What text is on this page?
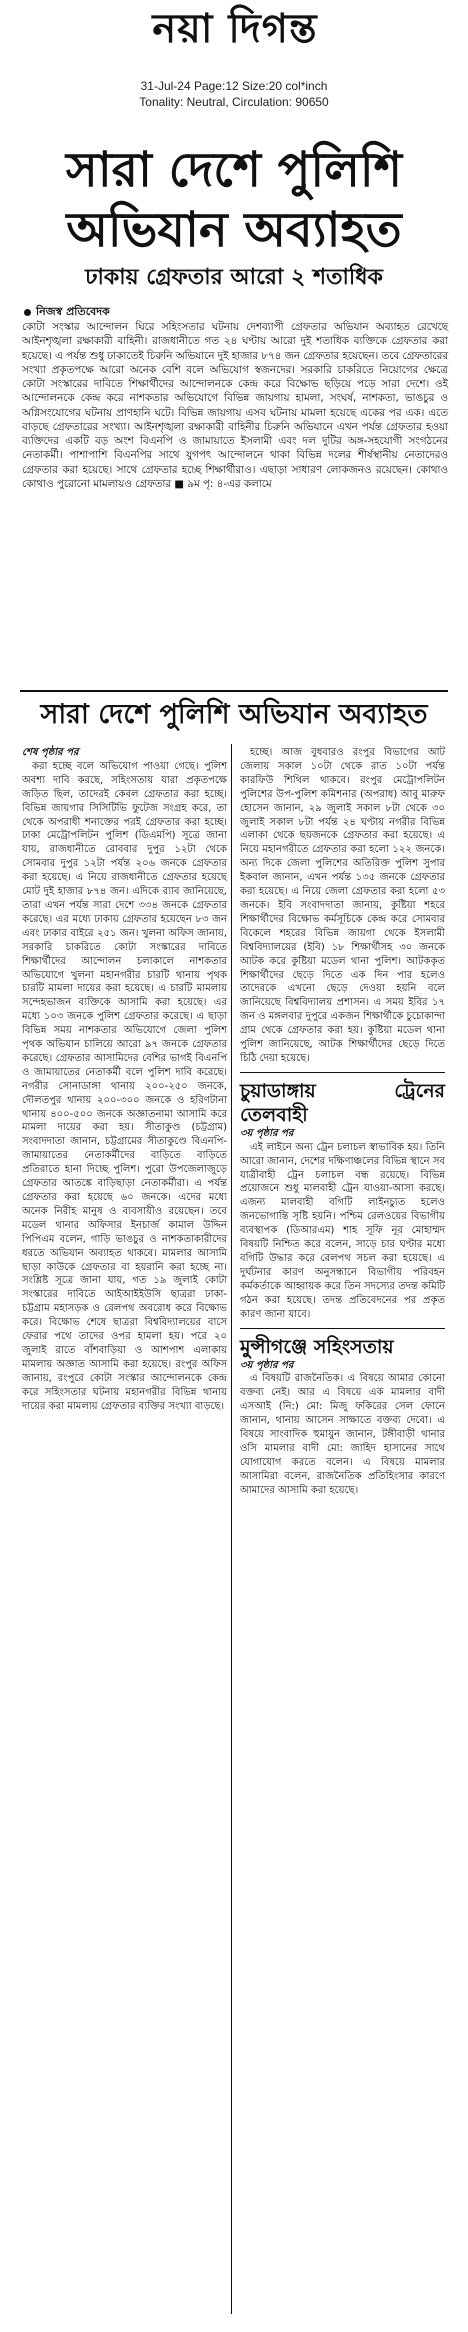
নয়া দিগন্ত
31-Jul-24 Page:12 Size:20 col*inch
Tonality: Neutral, Circulation: 90650
সারা দেশে পুলিশি
অভিযান অব্যাহত
ঢাকায় গ্রেফতার আরো ২ শতাধিক
নিজস্ব প্রতিবেদক
কোটা সংস্কার আন্দোলন ঘিরে সহিংসতার ঘটনায় দেশব্যাপী গ্রেফতার অভিযান অব্যাহত রেখেছে আইনশৃঙ্খলা রক্ষাকারী বাহিনী। রাজধানীতে গত ২৪ ঘণ্টায় আরো দুই শতাধিক ব্যক্তিকে গ্রেফতার করা হয়েছে। এ পর্যন্ত শুধু ঢাকাতেই চিরুনি অভিযানে দুই হাজার ৮৭৪ জন গ্রেফতার হয়েছেন। তবে গ্রেফতারের সংখ্যা প্রকৃতপক্ষে আরো অনেক বেশি বলে অভিযোগ স্বজনদের। সরকারি চাকরিতে নিয়োগের ক্ষেত্রে কোটা সংস্কারের দাবিতে শিক্ষার্থীদের আন্দোলনকে কেন্দ্র করে বিক্ষোভ ছড়িয়ে পড়ে সারা দেশে। ওই আন্দোলনকে কেন্দ্র করে নাশকতার অভিযোগে বিভিন্ন জায়গায় হামলা, সংঘর্ষ, নাশকতা, ভাঙচুর ও অগ্নিসংযোগের ঘটনায় প্রাণহানি ঘটে। বিভিন্ন জায়গায় এসব ঘটনায় মামলা হয়েছে একের পর এক। এতে বাড়ছে গ্রেফতারের সংখ্যা। আইনশৃঙ্খলা রক্ষাকারী বাহিনীর চিরুনি অভিযানে এখন পর্যন্ত গ্রেফতার হওয়া ব্যক্তিদের একটি বড় অংশ বিএনপি ও জামায়াতে ইসলামী এবং দল দুটির অঙ্গ-সহযোগী সংগঠনের নেতাকর্মী। পাশাপাশি বিএনপির সাথে যুগপৎ আন্দোলনে থাকা বিভিন্ন দলের শীর্ষস্থানীয় নেতাদেরও গ্রেফতার করা হয়েছে। সাথে গ্রেফতার হচ্ছে শিক্ষার্থীরাও। এছাড়া সাধারণ লোকজনও রয়েছেন। কোথাও কোথাও পুরোনো মামলায়ও গ্রেফতার ■ ৯ম পৃ: ৪-এর কলামে
সারা দেশে পুলিশি অভিযান অব্যাহত
শেষ পৃষ্ঠার পর

করা হচ্ছে বলে অভিযোগ পাওয়া গেছে। পুলিশ অবশ্য দাবি করছে, সহিংসতায় যারা প্রকৃতপক্ষে জড়িত ছিল, তাদেরই কেবল গ্রেফতার করা হচ্ছে। বিভিন্ন জায়গার সিসিটিভি ফুটেজ সংগ্রহ করে, তা থেকে অপরাধী শনাক্তের পরই গ্রেফতার করা হচ্ছে। ঢাকা মেট্রোপলিটন পুলিশ (ডিএমপি) সূত্রে জানা যায়, রাজধানীতে রোববার দুপুর ১২টা থেকে সোমবার দুপুর ১২টা পর্যন্ত ২০৬ জনকে গ্রেফতার করা হয়েছে। এ নিয়ে রাজধানীতে গ্রেফতার হয়েছে মোট দুই হাজার ৮৭৪ জন। এদিকে র‌্যাব জানিয়েছে, তারা এখন পর্যন্ত সারা দেশে ৩৩৪ জনকে গ্রেফতার করেছে। এর মধ্যে ঢাকায় গ্রেফতার হয়েছেন ৮৩ জন এবং ঢাকার বাইরে ২৫১ জন। খুলনা অফিস জানায়, সরকারি চাকরিতে কোটা সংস্কারের দাবিতে শিক্ষার্থীদের আন্দোলন চলাকালে নাশকতার অভিযোগে খুলনা মহানগরীর চারটি থানায় পৃথক চারটি মামলা দায়ের করা হয়েছে। এ চারটি মামলায় সন্দেহভাজন ব্যক্তিকে আসামি করা হয়েছে। এর মধ্যে ১০৩ জনকে পুলিশ গ্রেফতার করেছে। এ ছাড়া বিভিন্ন সময় নাশকতার অভিযোগে জেলা পুলিশ পৃথক অভিযান চালিয়ে আরো ৯৭ জনকে গ্রেফতার করেছে। গ্রেফতার আসামিদের বেশির ভাগই বিএনপি ও জামায়াতের নেতাকর্মী বলে পুলিশ দাবি করেছে। নগরীর সোনাডাঙ্গা থানায় ২০০-২৫০ জনকে, দৌলতপুর থানায় ২০০-৩০০ জনকে ও হরিণটানা থানায় ৪০০-৫০০ জনকে অজ্ঞাতনামা আসামি করে মামলা দায়ের করা হয়। সীতাকুণ্ড (চট্টগ্রাম) সংবাদদাতা জানান, চট্টগ্রামের সীতাকুণ্ডে বিএনপি-জামায়াতের নেতাকর্মীদের বাড়িতে বাড়িতে প্রতিরাতে হানা দিচ্ছে পুলিশ। পুরো উপজেলাজুড়ে গ্রেফতার আতঙ্কে বাড়িছাড়া নেতাকর্মীরা। এ পর্যন্ত গ্রেফতার করা হয়েছে ৬০ জনকে। এদের মধ্যে অনেক নিরীহ মানুষ ও ব্যবসায়ীও রয়েছেন। তবে মডেল থানার অফিসার ইনচার্জ কামাল উদ্দিন পিপিএম বলেন, গাড়ি ভাঙচুর ও নাশকতাকারীদের ধরতে অভিযান অব্যাহত থাকবে। মামলার আসামি ছাড়া কাউকে গ্রেফতার বা হয়রানি করা হচ্ছে না। সংশ্লিষ্ট সূত্রে জানা যায়, গত ১৯ জুলাই কোটা সংস্কারের দাবিতে আইআইইউসি ছাত্ররা ঢাকা-চট্টগ্রাম মহাসড়ক ও রেলপথ অবরোধ করে বিক্ষোভ করে। বিক্ষোভ শেষে ছাত্ররা বিশ্ববিদ্যালয়ের বাসে ফেরার পথে তাদের ওপর হামলা হয়। পরে ২০ জুলাই রাতে বাঁশবাড়িয়া ও আশপাশ এলাকায় মামলায় অজ্ঞাত আসামি করা হয়েছে। রংপুর অফিস জানায়, রংপুরে কোটা সংস্কার আন্দোলনকে কেন্দ্র করে সহিংসতার ঘটনায় মহানগরীর বিভিন্ন থানায় দায়ের করা মামলায় গ্রেফতার ব্যক্তির সংখ্যা বাড়ছে।

হচ্ছে। আজ বুধবারও রংপুর বিভাগের আট জেলায় সকাল ১০টা থেকে রাত ১০টা পর্যন্ত কারফিউ শিথিল থাকবে। রংপুর মেট্রোপলিটন পুলিশের উপ-পুলিশ কমিশনার (অপরাধ) আবু মারুফ হোসেন জানান, ২৯ জুলাই সকাল ৮টা থেকে ৩০ জুলাই সকাল ৮টা পর্যন্ত ২৪ ঘণ্টায় নগরীর বিভিন্ন এলাকা থেকে ছয়জনকে গ্রেফতার করা হয়েছে। এ নিয়ে মহানগরীতে গ্রেফতার করা হলো ১২২ জনকে। অন্য দিকে জেলা পুলিশের অতিরিক্ত পুলিশ সুপার ইকবাল জানান, এখন পর্যন্ত ১৩৫ জনকে গ্রেফতার করা হয়েছে। এ নিয়ে জেলা গ্রেফতার করা হলো ৫৩ জনকে। ইবি সংবাদদাতা জানায়, কুষ্টিয়া শহরে শিক্ষার্থীদের বিক্ষোভ কর্মসূচিকে কেন্দ্র করে সোমবার বিকেলে শহরের বিভিন্ন জায়গা থেকে ইসলামী বিশ্ববিদ্যালয়ের (ইবি) ১৮ শিক্ষার্থীসহ ৩০ জনকে আটক করে কুষ্টিয়া মডেল থানা পুলিশ। আটককৃত শিক্ষার্থীদের ছেড়ে দিতে এক দিন পার হলেও তাদেরকে এখনো ছেড়ে দেওয়া হয়নি বলে জানিয়েছে বিশ্ববিদ্যালয় প্রশাসন। এ সময় ইবির ১৭ জন ও মঙ্গলবার দুপুরে একজন শিক্ষার্থীকে চুচোকান্দা গ্রাম থেকে গ্রেফতার করা হয়। কুষ্টিয়া মডেল থানা পুলিশ জানিয়েছে, আটক শিক্ষার্থীদের ছেড়ে দিতে চিঠি দেয়া হয়েছে।

চুয়াডাঙ্গায় ট্রেনের তেলবাহী
৩য় পৃষ্ঠার পর

এই লাইনে অন্য ট্রেন চলাচল স্বাভাবিক হয়। তিনি আরো জানান, দেশের দক্ষিণাঞ্চলের বিভিন্ন স্থানে সব যাত্রীবাহী ট্রেন চলাচল বন্ধ রয়েছে। বিভিন্ন প্রয়োজনে শুধু মালবাহী ট্রেন যাওয়া-আসা করছে। এজন্য মালবাহী বগিটি লাইনচ্যুত হলেও জনভোগান্তি সৃষ্টি হয়নি। পশ্চিম রেলওয়ের বিভাগীয় ব্যবস্থাপক (ডিআরএম) শাহ সূফি নূর মোহাম্মদ বিষয়টি নিশ্চিত করে বলেন, সাড়ে চার ঘণ্টার মধ্যে বগিটি উদ্ধার করে রেলপথ সচল করা হয়েছে। এ দুর্ঘটনার কারণ অনুসন্ধানে বিভাগীয় পরিবহন কর্মকর্তাকে আহ্বায়ক করে তিন সদস্যের তদন্ত কমিটি গঠন করা হয়েছে। তদন্ত প্রতিবেদনের পর প্রকৃত কারণ জানা যাবে।

মুন্সীগঞ্জে সহিংসতায়
৩য় পৃষ্ঠার পর

এ বিষয়টি রাজনৈতিক। এ বিষয়ে আমার কোনো বক্তব্য নেই। আর এ বিষয়ে এক মামলার বাদী এসআই (নি:) মো: মিজু ফকিরের সেল ফোনে জানান, থানায় আসেন সাক্ষাতে বক্তব্য দেবো। এ বিষয়ে সাংবাদিক হুমায়ুন জানান, টঙ্গীবাড়ী থানার ওসি মামলার বাদী মো: জাহিদ হাসানের সাথে যোগাযোগ করতে বলেন। এ বিষয়ে মামলার আসামিরা বলেন, রাজনৈতিক প্রতিহিংসার কারণে আমাদের আসামি করা হয়েছে।
